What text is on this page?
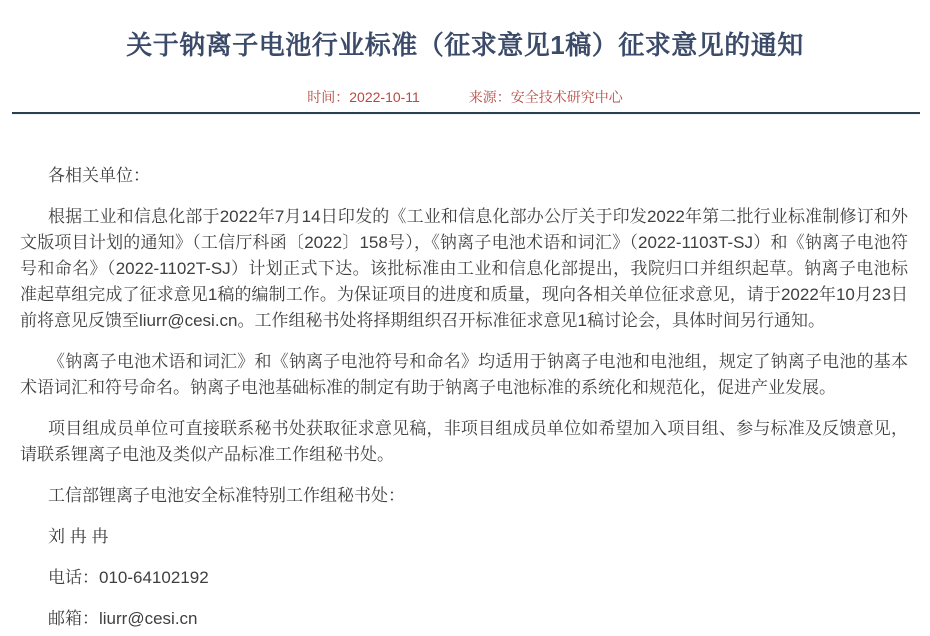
关于钠离子电池行业标准（征求意见1稿）征求意见的通知
时间：2022-10-11	来源：安全技术研究中心

各相关单位：

根据工业和信息化部于2022年7月14日印发的《工业和信息化部办公厅关于印发2022年第二批行业标准制修订和外文版项目计划的通知》（工信厅科函〔2022〕158号），《钠离子电池术语和词汇》（2022-1103T-SJ）和《钠离子电池符号和命名》（2022-1102T-SJ）计划正式下达。该批标准由工业和信息化部提出，我院归口并组织起草。钠离子电池标准起草组完成了征求意见1稿的编制工作。为保证项目的进度和质量，现向各相关单位征求意见，请于2022年10月23日前将意见反馈至liurr@cesi.cn。工作组秘书处将择期组织召开标准征求意见1稿讨论会，具体时间另行通知。

《钠离子电池术语和词汇》和《钠离子电池符号和命名》均适用于钠离子电池和电池组，规定了钠离子电池的基本术语词汇和符号命名。钠离子电池基础标准的制定有助于钠离子电池标准的系统化和规范化，促进产业发展。

项目组成员单位可直接联系秘书处获取征求意见稿，非项目组成员单位如希望加入项目组、参与标准及反馈意见，请联系锂离子电池及类似产品标准工作组秘书处。

工信部锂离子电池安全标准特别工作组秘书处：

刘 冉 冉

电话：010-64102192

邮箱：liurr@cesi.cn
